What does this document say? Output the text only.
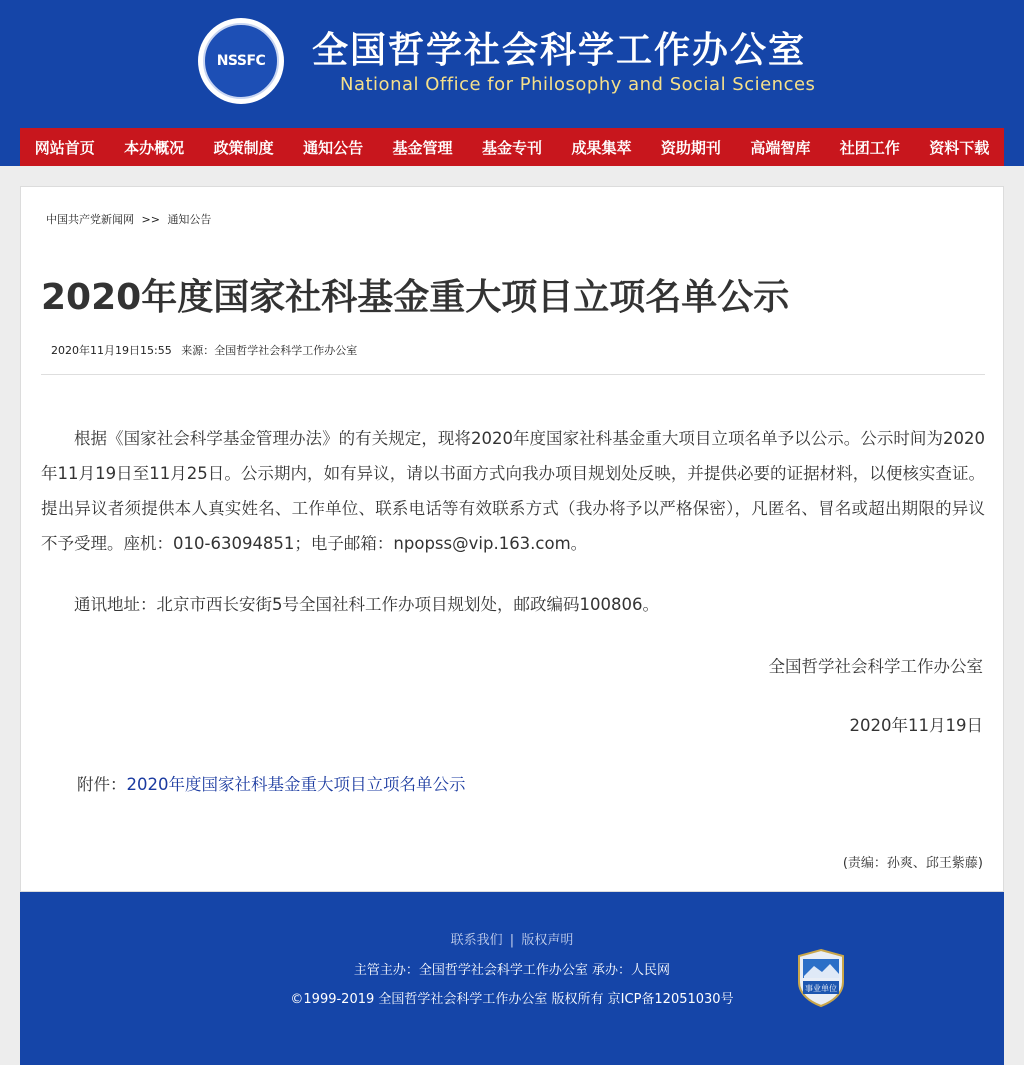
NSSFC	全国哲学社会科学工作办公室
National Office for Philosophy and Social Sciences
网站首页 本办概况 政策制度 通知公告 基金管理 基金专刊 成果集萃 资助期刊 高端智库 社团工作 资料下载
中国共产党新闻网 >> 通知公告
2020年度国家社科基金重大项目立项名单公示
2020年11月19日15:55 来源：全国哲学社会科学工作办公室

根据《国家社会科学基金管理办法》的有关规定，现将2020年度国家社科基金重大项目立项名单予以公示。公示时间为2020年11月19日至11月25日。公示期内，如有异议，请以书面方式向我办项目规划处反映，并提供必要的证据材料，以便核实查证。提出异议者须提供本人真实姓名、工作单位、联系电话等有效联系方式（我办将予以严格保密），凡匿名、冒名或超出期限的异议不予受理。座机：010-63094851；电子邮箱：npopss@vip.163.com。

通讯地址：北京市西长安街5号全国社科工作办项目规划处，邮政编码100806。

全国哲学社会科学工作办公室
2020年11月19日
附件：2020年度国家社科基金重大项目立项名单公示
(责编：孙爽、邱王紫藤)
联系我们 | 版权声明
主管主办：全国哲学社会科学工作办公室 承办：人民网
©1999-2019 全国哲学社会科学工作办公室 版权所有 京ICP备12051030号
事业单位
